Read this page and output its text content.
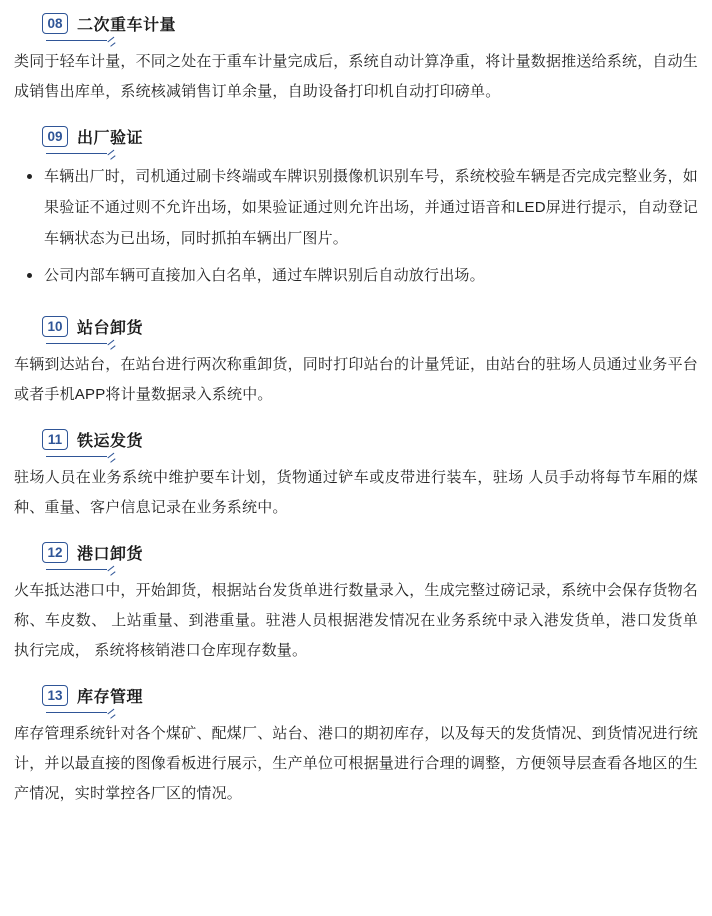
08 二次重车计量

类同于轻车计量，不同之处在于重车计量完成后，系统自动计算净重，将计量数据推送给系统，自动生成销售出库单，系统核减销售订单余量，自助设备打印机自动打印磅单。

09 出厂验证
车辆出厂时，司机通过刷卡终端或车牌识别摄像机识别车号，系统校验车辆是否完成完整业务，如果验证不通过则不允许出场，如果验证通过则允许出场，并通过语音和LED屏进行提示，自动登记车辆状态为已出场，同时抓拍车辆出厂图片。
公司内部车辆可直接加入白名单，通过车牌识别后自动放行出场。
10 站台卸货

车辆到达站台，在站台进行两次称重卸货，同时打印站台的计量凭证，由站台的驻场人员通过业务平台或者手机APP将计量数据录入系统中。

11 铁运发货

驻场人员在业务系统中维护要车计划，货物通过铲车或皮带进行装车，驻场 人员手动将每节车厢的煤种、重量、客户信息记录在业务系统中。

12 港口卸货

火车抵达港口中，开始卸货，根据站台发货单进行数量录入，生成完整过磅记录，系统中会保存货物名称、车皮数、 上站重量、到港重量。驻港人员根据港发情况在业务系统中录入港发货单，港口发货单执行完成， 系统将核销港口仓库现存数量。

13 库存管理

库存管理系统针对各个煤矿、配煤厂、站台、港口的期初库存，以及每天的发货情况、到货情况进行统计，并以最直接的图像看板进行展示，生产单位可根据量进行合理的调整，方便领导层查看各地区的生产情况，实时掌控各厂区的情况。
